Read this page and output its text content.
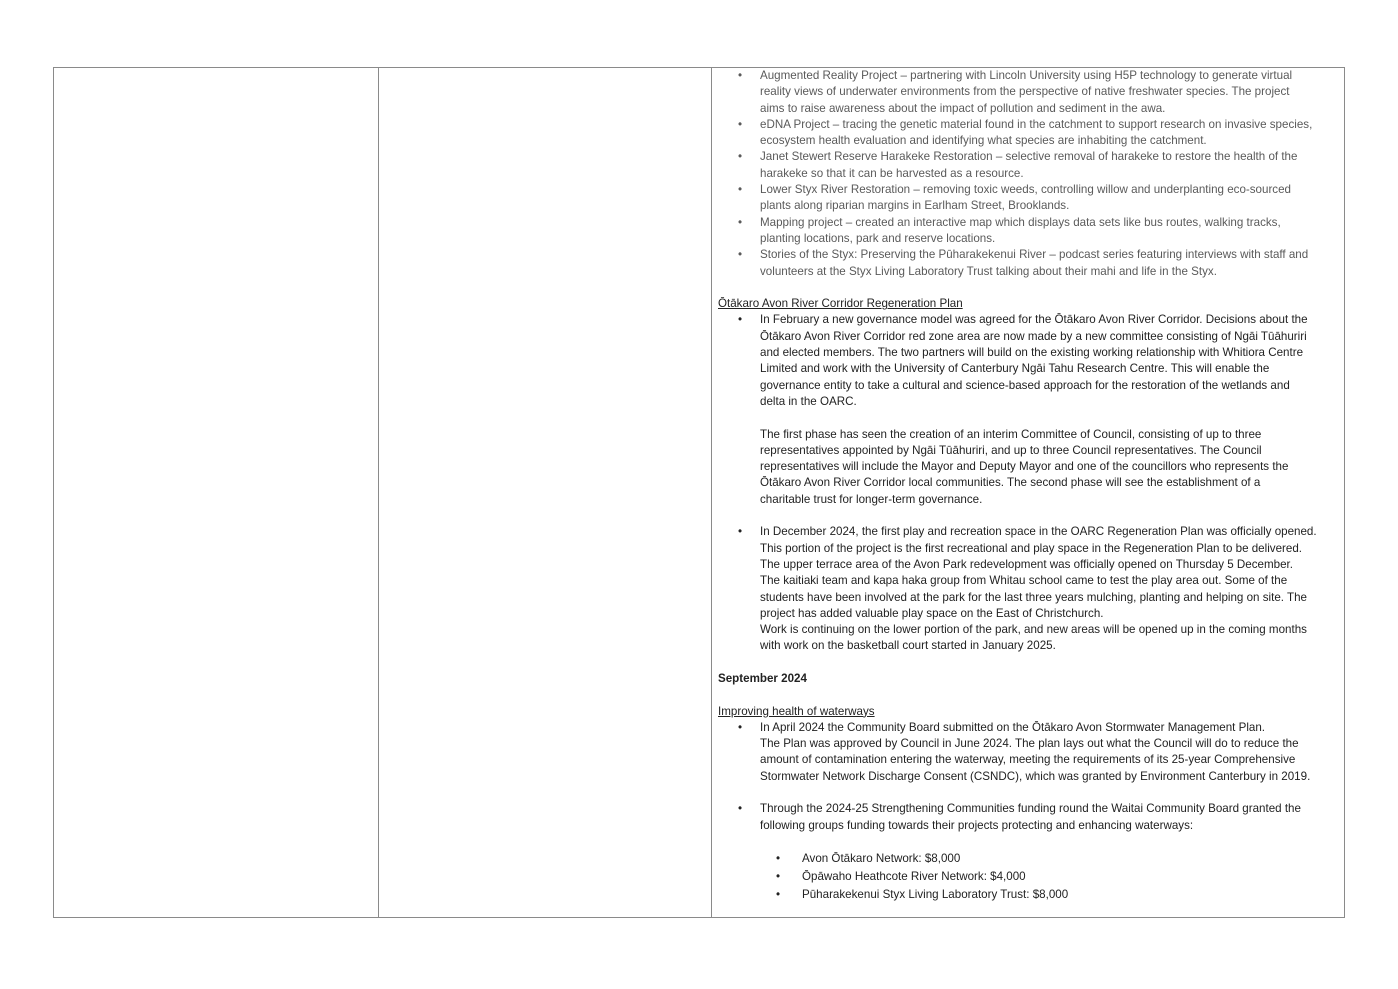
• Augmented Reality Project – partnering with Lincoln University using H5P technology to generate virtual
reality views of underwater environments from the perspective of native freshwater species. The project
aims to raise awareness about the impact of pollution and sediment in the awa.
• eDNA Project – tracing the genetic material found in the catchment to support research on invasive species,
ecosystem health evaluation and identifying what species are inhabiting the catchment.
• Janet Stewert Reserve Harakeke Restoration – selective removal of harakeke to restore the health of the
harakeke so that it can be harvested as a resource.
• Lower Styx River Restoration – removing toxic weeds, controlling willow and underplanting eco-sourced
plants along riparian margins in Earlham Street, Brooklands.
• Mapping project – created an interactive map which displays data sets like bus routes, walking tracks,
planting locations, park and reserve locations.
• Stories of the Styx: Preserving the Pūharakekenui River – podcast series featuring interviews with staff and
volunteers at the Styx Living Laboratory Trust talking about their mahi and life in the Styx.
Ōtākaro Avon River Corridor Regeneration Plan
• In February a new governance model was agreed for the Ōtākaro Avon River Corridor. Decisions about the
Ōtākaro Avon River Corridor red zone area are now made by a new committee consisting of Ngāi Tūāhuriri
and elected members. The two partners will build on the existing working relationship with Whitiora Centre
Limited and work with the University of Canterbury Ngāi Tahu Research Centre. This will enable the
governance entity to take a cultural and science-based approach for the restoration of the wetlands and
delta in the OARC.
The first phase has seen the creation of an interim Committee of Council, consisting of up to three
representatives appointed by Ngāi Tūāhuriri, and up to three Council representatives. The Council
representatives will include the Mayor and Deputy Mayor and one of the councillors who represents the
Ōtākaro Avon River Corridor local communities. The second phase will see the establishment of a
charitable trust for longer-term governance.
• In December 2024, the first play and recreation space in the OARC Regeneration Plan was officially opened.
This portion of the project is the first recreational and play space in the Regeneration Plan to be delivered.
The upper terrace area of the Avon Park redevelopment was officially opened on Thursday 5 December.
The kaitiaki team and kapa haka group from Whitau school came to test the play area out. Some of the
students have been involved at the park for the last three years mulching, planting and helping on site. The
project has added valuable play space on the East of Christchurch.
Work is continuing on the lower portion of the park, and new areas will be opened up in the coming months
with work on the basketball court started in January 2025.
September 2024
Improving health of waterways
• In April 2024 the Community Board submitted on the Ōtākaro Avon Stormwater Management Plan.
The Plan was approved by Council in June 2024. The plan lays out what the Council will do to reduce the
amount of contamination entering the waterway, meeting the requirements of its 25-year Comprehensive
Stormwater Network Discharge Consent (CSNDC), which was granted by Environment Canterbury in 2019.
• Through the 2024-25 Strengthening Communities funding round the Waitai Community Board granted the
following groups funding towards their projects protecting and enhancing waterways:
• Avon Ōtākaro Network: $8,000
• Ōpāwaho Heathcote River Network: $4,000
• Pūharakekenui Styx Living Laboratory Trust: $8,000
